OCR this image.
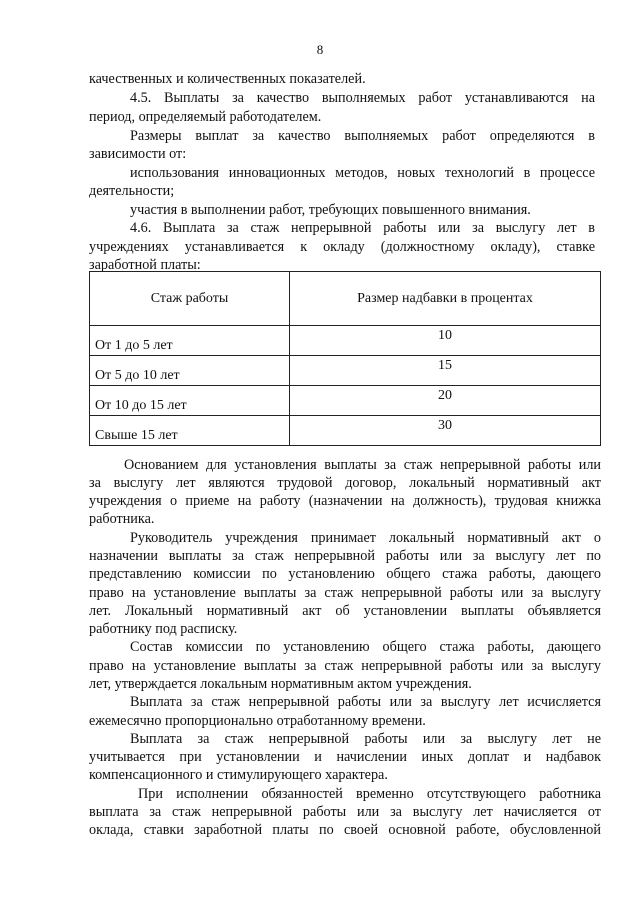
8
качественных и количественных показателей.
4.5. Выплаты за качество выполняемых работ устанавливаются на
период, определяемый работодателем.
Размеры выплат за качество выполняемых работ определяются в
зависимости от:
использования инновационных методов, новых технологий в процессе
деятельности;
участия в выполнении работ, требующих повышенного внимания.
4.6. Выплата за стаж непрерывной работы или за выслугу лет в
учреждениях устанавливается к окладу (должностному окладу), ставке
заработной платы:
Стаж работы	Размер надбавки в процентах
От 1 до 5 лет	10
От 5 до 10 лет	15
От 10 до 15 лет	20
Свыше 15 лет	30
Основанием для установления выплаты за стаж непрерывной работы или
за выслугу лет являются трудовой договор, локальный нормативный акт
учреждения о приеме на работу (назначении на должность), трудовая книжка
работника.
Руководитель учреждения принимает локальный нормативный акт о
назначении выплаты за стаж непрерывной работы или за выслугу лет по
представлению комиссии по установлению общего стажа работы, дающего
право на установление выплаты за стаж непрерывной работы или за выслугу
лет. Локальный нормативный акт об установлении выплаты объявляется
работнику под расписку.
Состав комиссии по установлению общего стажа работы, дающего
право на установление выплаты за стаж непрерывной работы или за выслугу
лет, утверждается локальным нормативным актом учреждения.
Выплата за стаж непрерывной работы или за выслугу лет исчисляется
ежемесячно пропорционально отработанному времени.
Выплата за стаж непрерывной работы или за выслугу лет не
учитывается при установлении и начислении иных доплат и надбавок
компенсационного и стимулирующего характера.
При исполнении обязанностей временно отсутствующего работника
выплата за стаж непрерывной работы или за выслугу лет начисляется от
оклада, ставки заработной платы по своей основной работе, обусловленной
